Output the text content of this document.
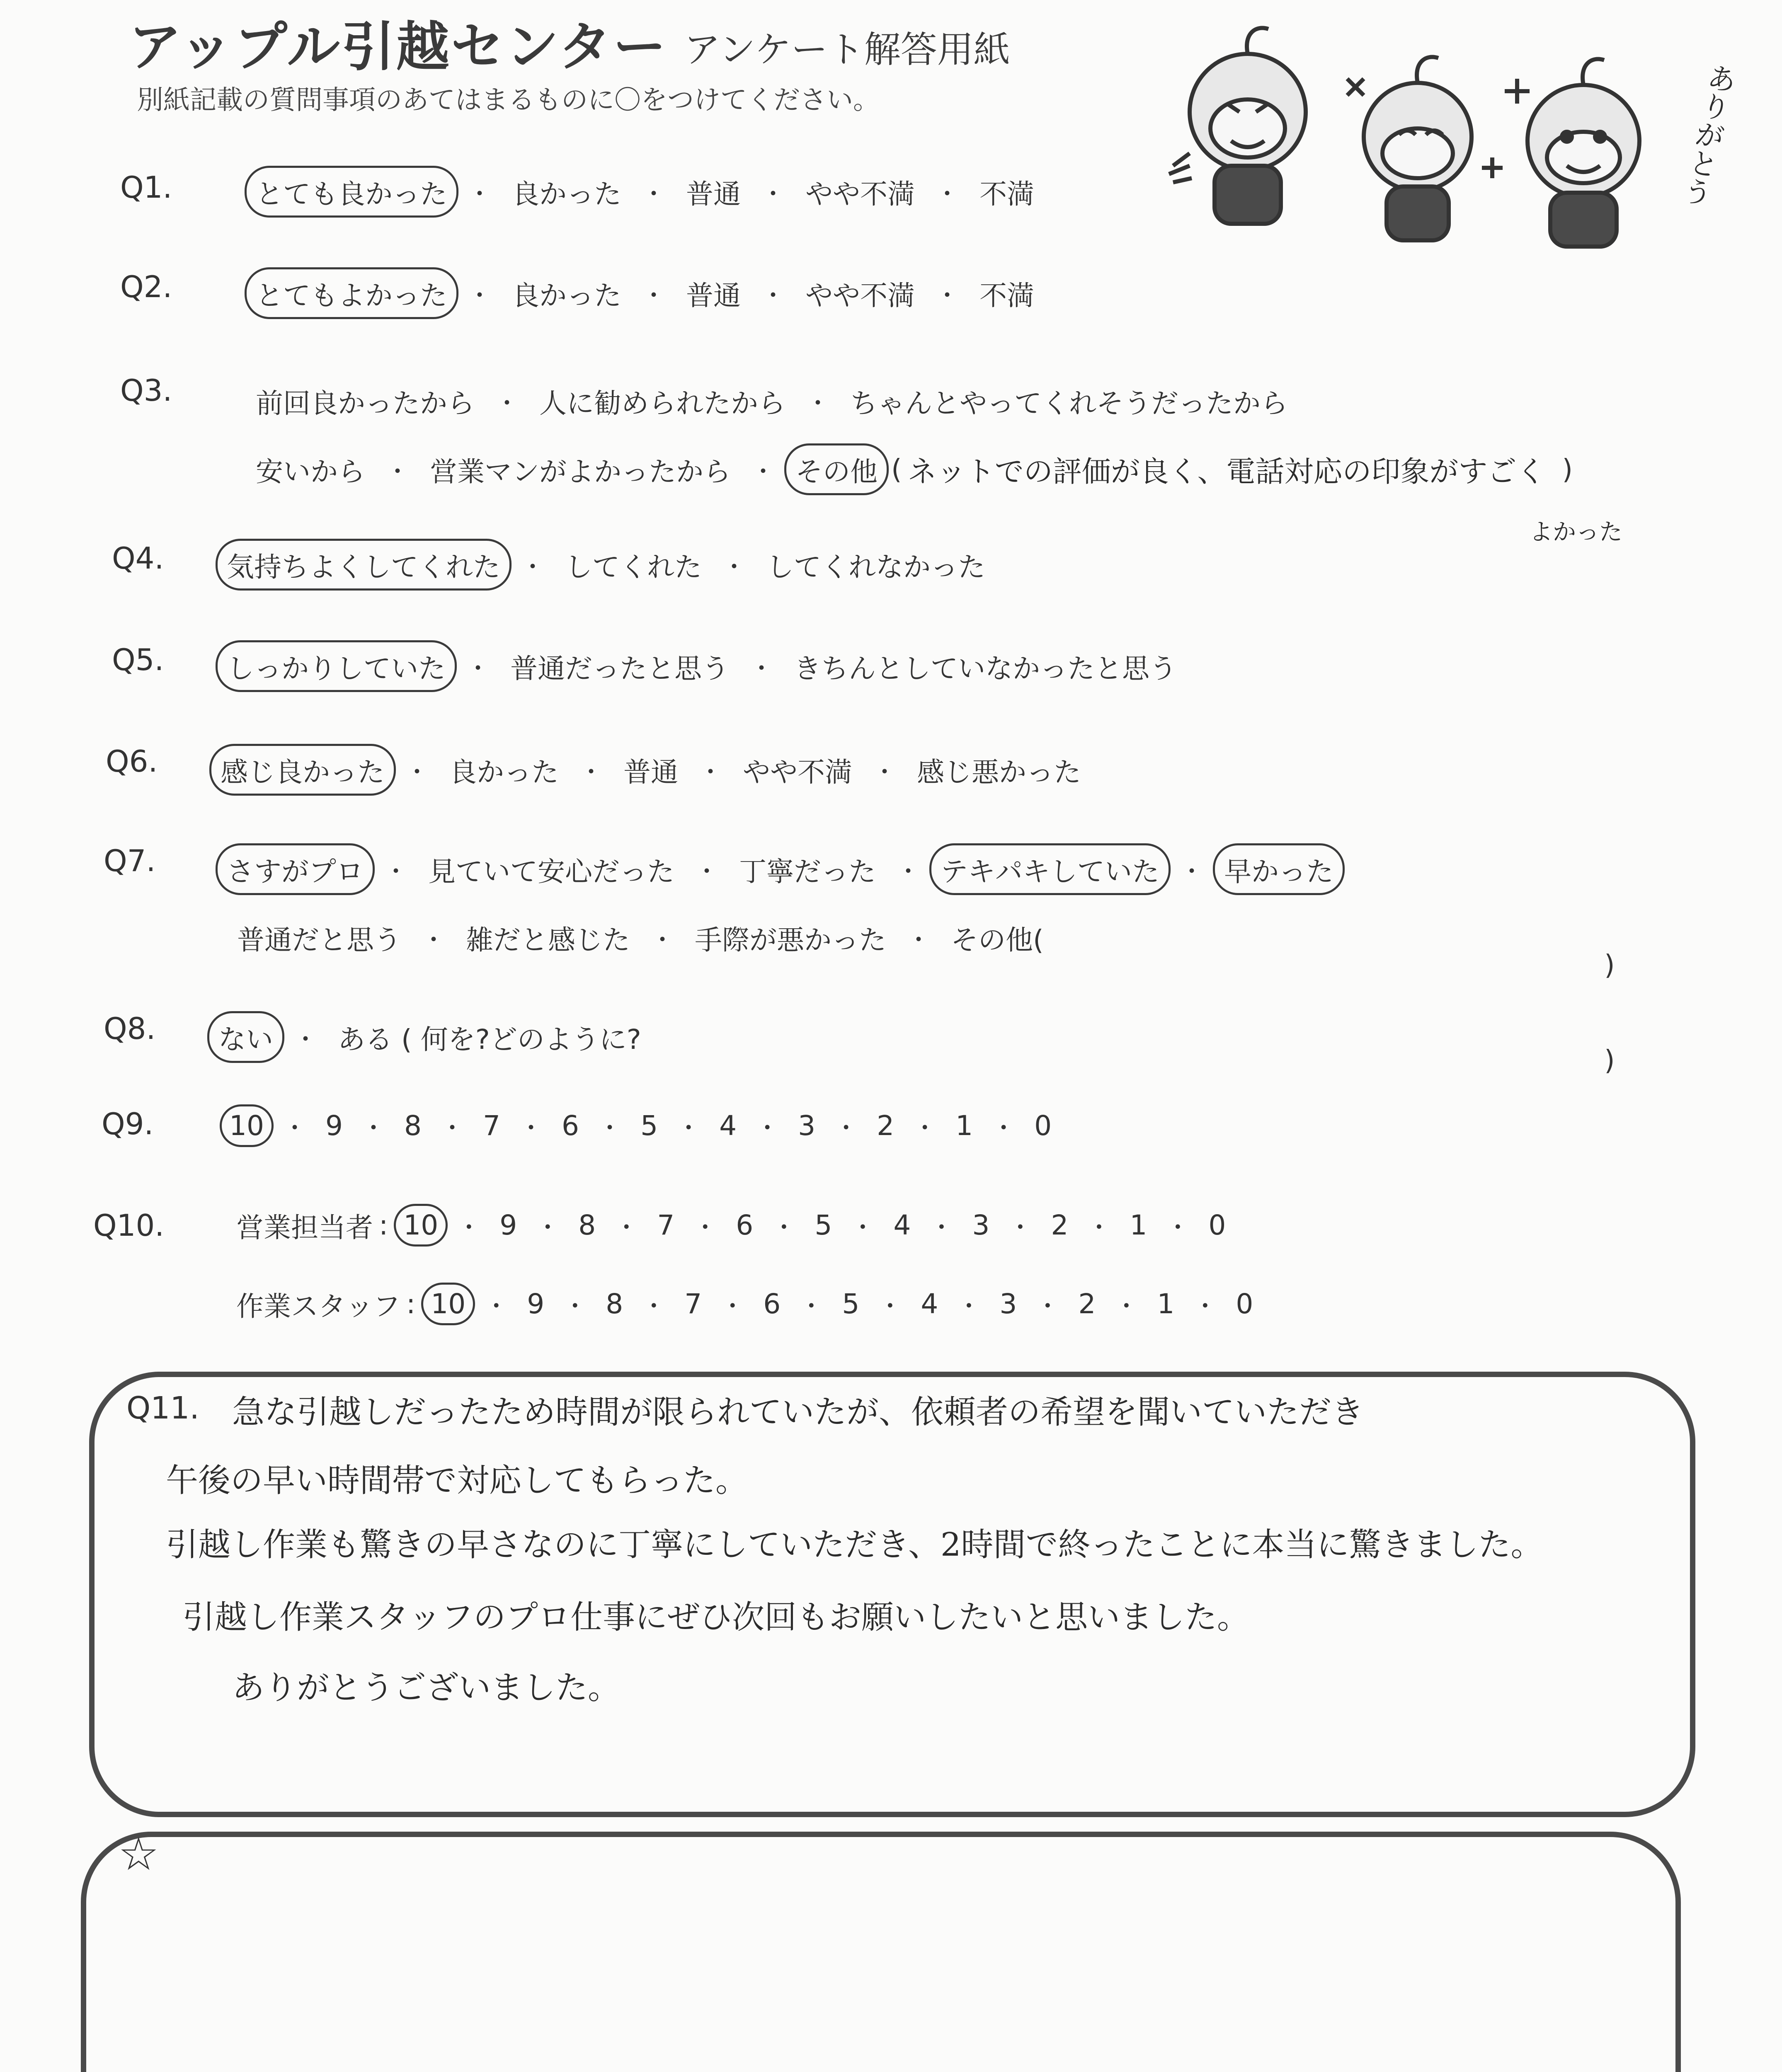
アップル引越センター アンケート解答用紙
別紙記載の質問事項のあてはまるものに〇をつけてください。	ありがとう
Q1.	とても良かった ・ 良かった ・ 普通 ・ やや不満 ・ 不満
Q2.	とてもよかった ・ 良かった ・ 普通 ・ やや不満 ・ 不満
Q3.	前回良かったから ・ 人に勧められたから ・ ちゃんとやってくれそうだったから
安いから ・ 営業マンがよかったから ・ その他 ( ネットでの評価が良く、電話対応の印象がすごく )
よかった
Q4.	気持ちよくしてくれた ・ してくれた ・ してくれなかった
Q5.	しっかりしていた ・ 普通だったと思う ・ きちんとしていなかったと思う
Q6.	感じ良かった ・ 良かった ・ 普通 ・ やや不満 ・ 感じ悪かった
Q7.	さすがプロ ・ 見ていて安心だった ・ 丁寧だった ・ テキパキしていた ・ 早かった
普通だと思う ・ 雑だと感じた ・ 手際が悪かった ・ その他(
)
Q8.	ない ・ ある ( 何を?どのように?
)
Q9.	10 ・ 9 ・ 8 ・ 7 ・ 6 ・ 5 ・ 4 ・ 3 ・ 2 ・ 1 ・ 0
Q10.	営業担当者 : 10 ・ 9 ・ 8 ・ 7 ・ 6 ・ 5 ・ 4 ・ 3 ・ 2 ・ 1 ・ 0
作業スタッフ : 10 ・ 9 ・ 8 ・ 7 ・ 6 ・ 5 ・ 4 ・ 3 ・ 2 ・ 1 ・ 0
Q11. 急な引越しだったため時間が限られていたが、依頼者の希望を聞いていただき
午後の早い時間帯で対応してもらった。
引越し作業も驚きの早さなのに丁寧にしていただき、2時間で終ったことに本当に驚きました。
引越し作業スタッフのプロ仕事にぜひ次回もお願いしたいと思いました。
ありがとうございました。
☆
